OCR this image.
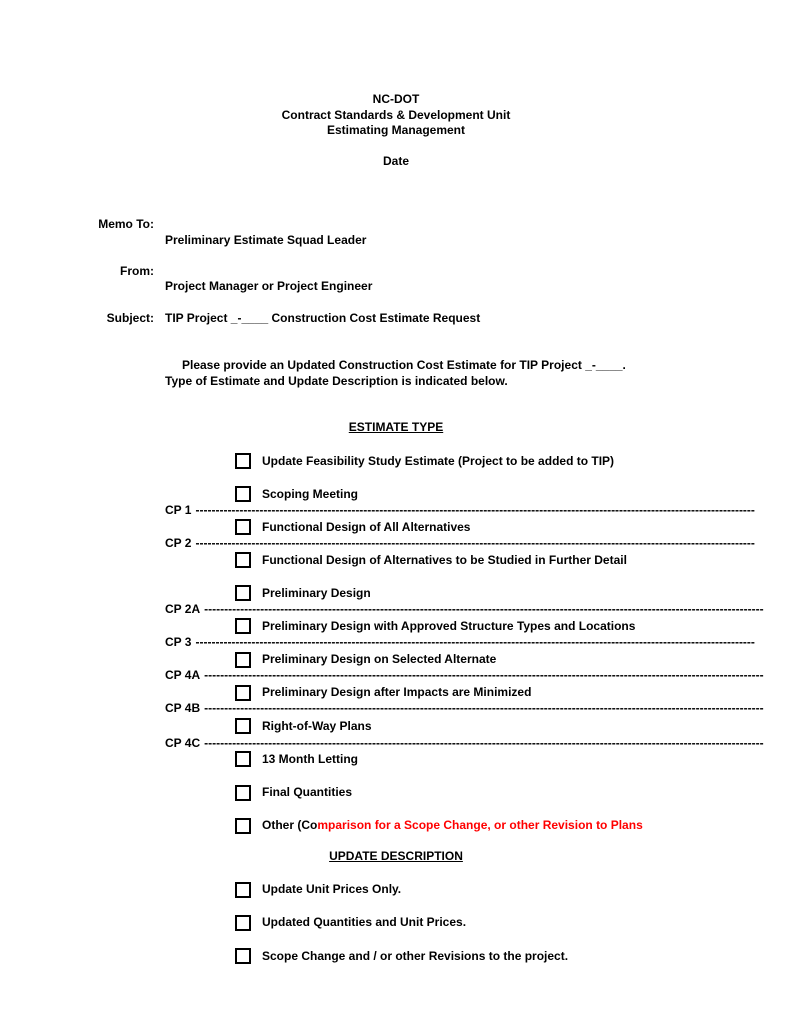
NC-DOT
Contract Standards & Development Unit
Estimating Management
Date
Memo To:
Preliminary Estimate Squad Leader
From:
Project Manager or Project Engineer
Subject: TIP Project _-____ Construction Cost Estimate Request
Please provide an Updated Construction Cost Estimate for TIP Project _-____.
Type of Estimate and Update Description is indicated below.
ESTIMATE TYPE
Update Feasibility Study Estimate (Project to be added to TIP)
Scoping Meeting
CP 1 --------------------------------------------------------------------------------------------------------------------------------------------
Functional Design of All Alternatives
CP 2 --------------------------------------------------------------------------------------------------------------------------------------------
Functional Design of Alternatives to be Studied in Further Detail
Preliminary Design
CP 2A --------------------------------------------------------------------------------------------------------------------------------------------
Preliminary Design with Approved Structure Types and Locations
CP 3 --------------------------------------------------------------------------------------------------------------------------------------------
Preliminary Design on Selected Alternate
CP 4A --------------------------------------------------------------------------------------------------------------------------------------------
Preliminary Design after Impacts are Minimized
CP 4B --------------------------------------------------------------------------------------------------------------------------------------------
Right-of-Way Plans
CP 4C --------------------------------------------------------------------------------------------------------------------------------------------
13 Month Letting
Final Quantities
Other (Comparison for a Scope Change, or other Revision to Plans
UPDATE DESCRIPTION
Update Unit Prices Only.
Updated Quantities and Unit Prices.
Scope Change and / or other Revisions to the project.
